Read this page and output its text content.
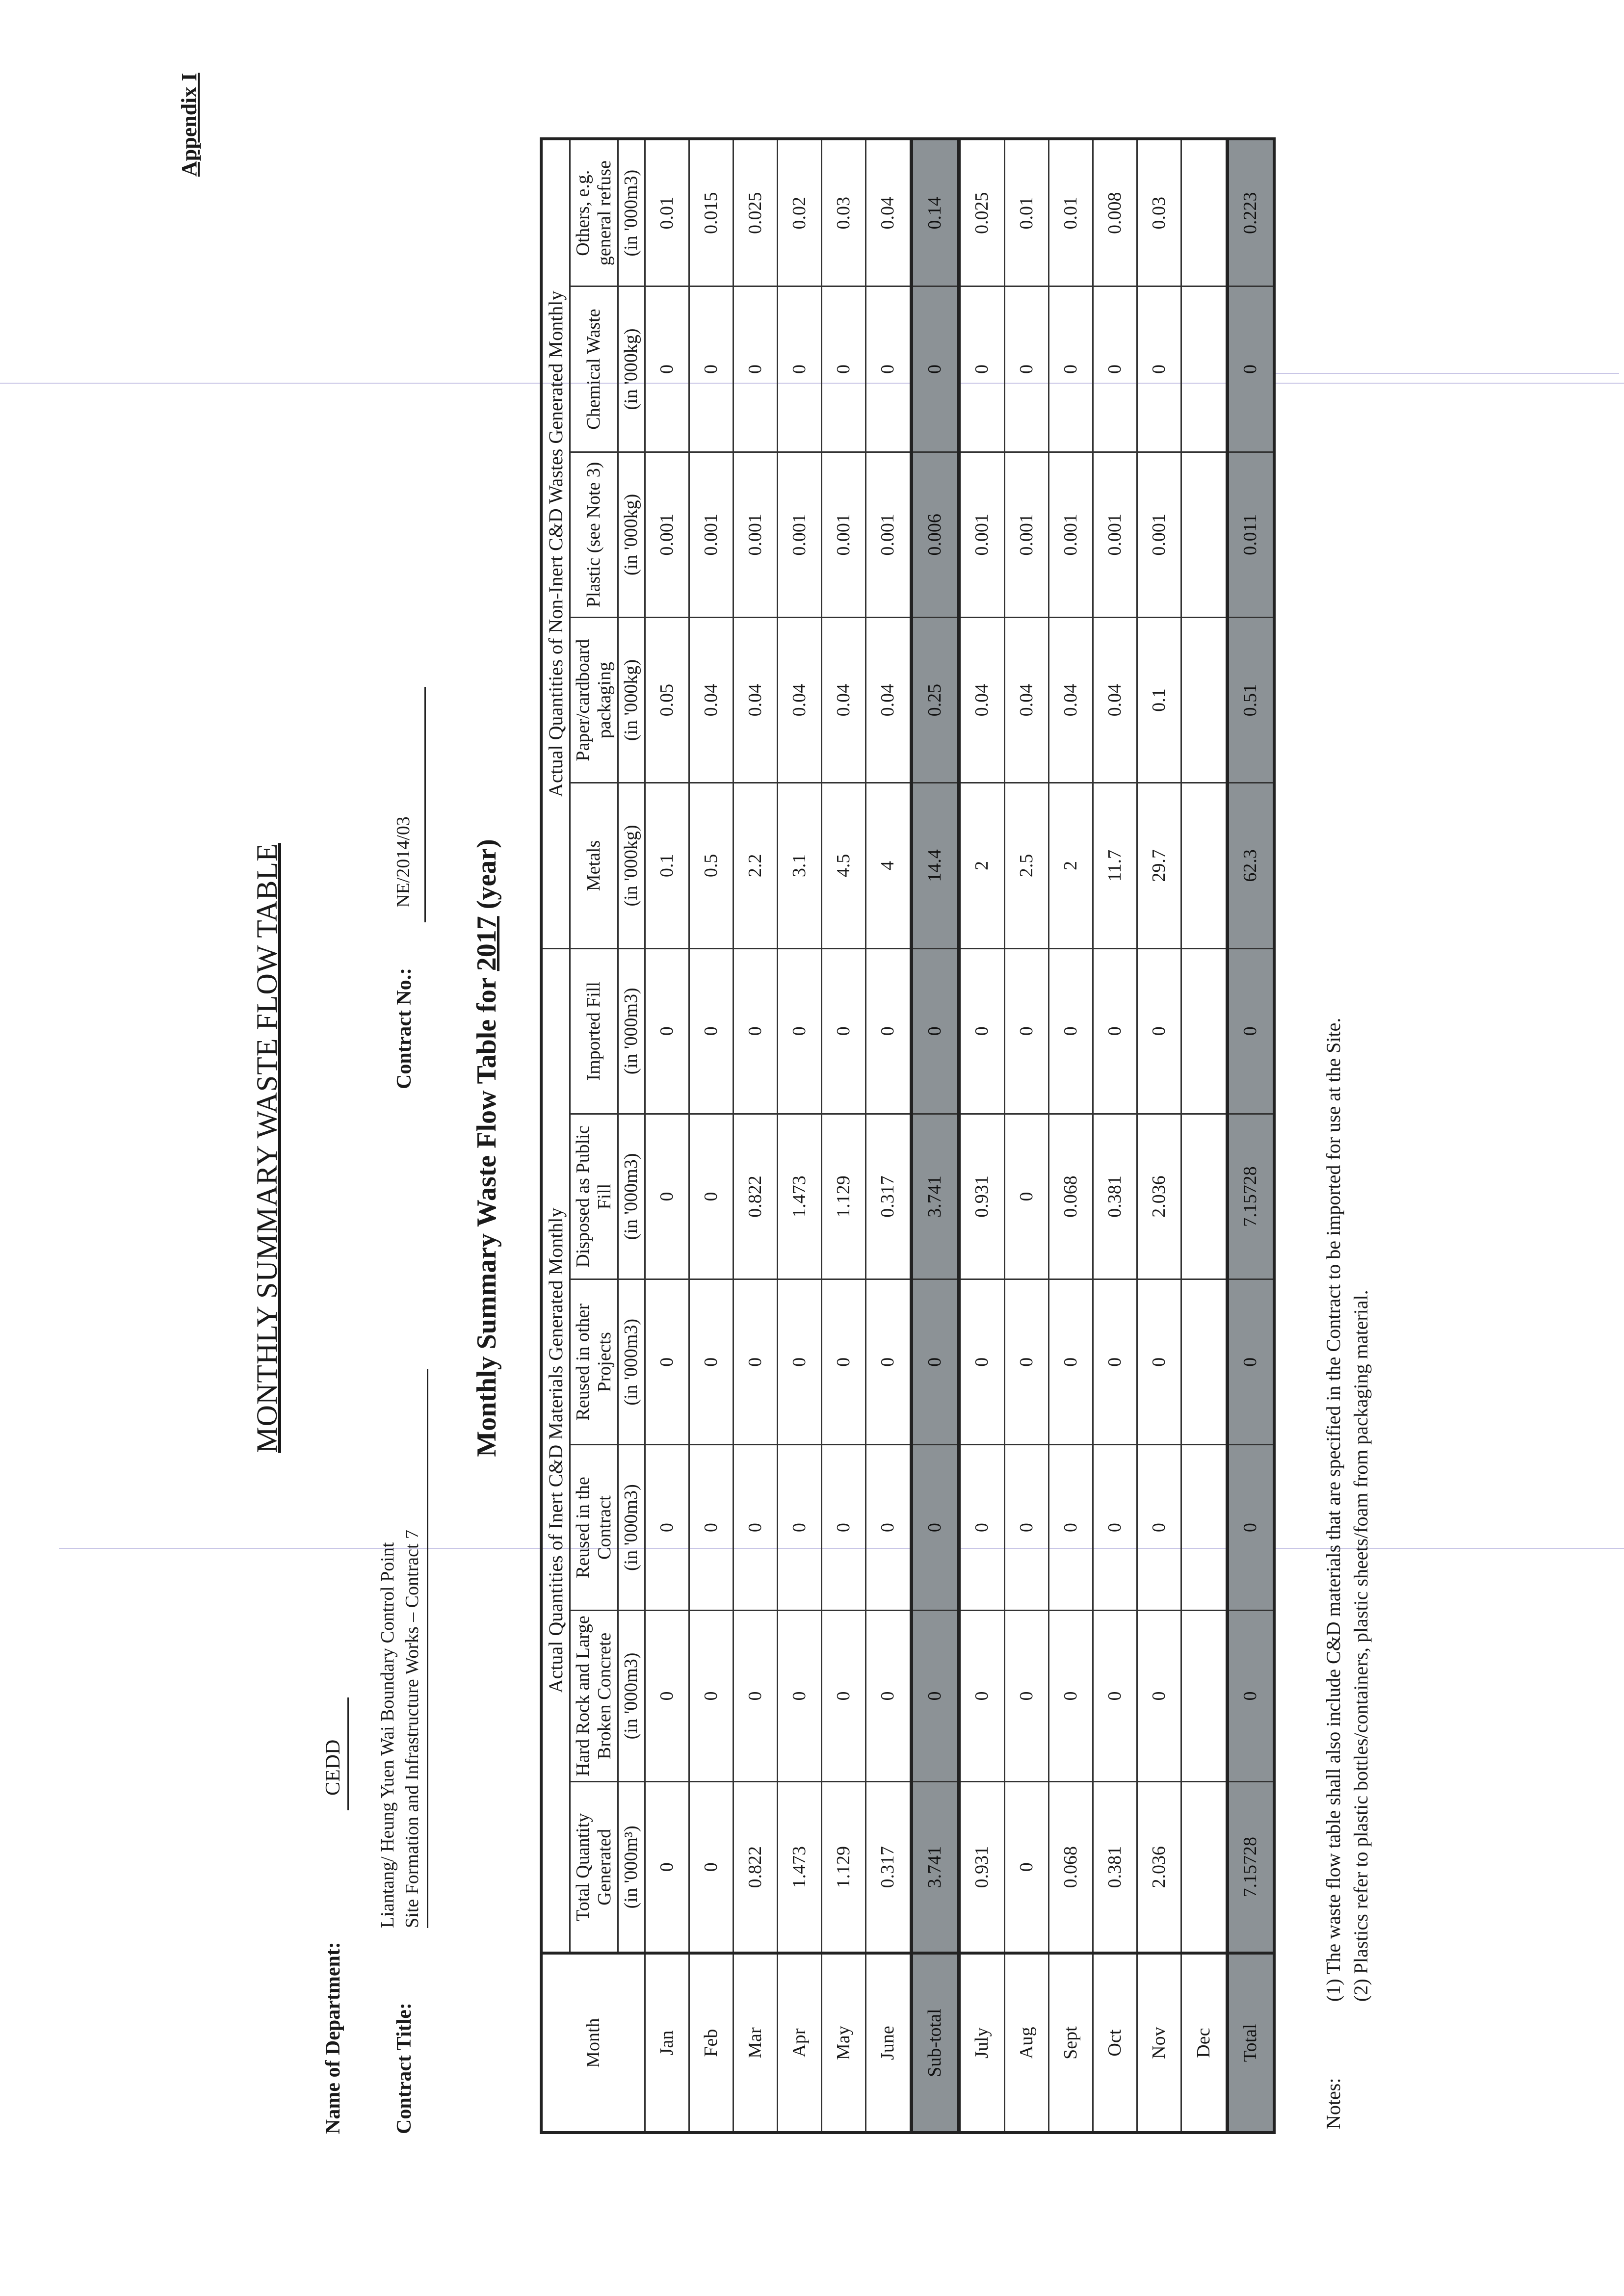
Appendix I
MONTHLY SUMMARY WASTE FLOW TABLE
Name of Department:
CEDD
Contract Title:
Liantang/ Heung Yuen Wai Boundary Control Point Site Formation and Infrastructure Works – Contract 7
Contract No.:
NE/2014/03
Monthly Summary Waste Flow Table for 2017 (year)
Month	Actual Quantities of Inert C&D Materials Generated Monthly						Actual Quantities of Non-Inert C&D Wastes Generated Monthly				
	Total Quantity Generated	Hard Rock and Large Broken Concrete	Reused in the Contract	Reused in other Projects	Disposed as Public Fill	Imported Fill	Metals	Paper/cardboard packaging	Plastic (see Note 3)	Chemical Waste	Others, e.g. general refuse
	(in '000m³)	(in '000m3)	(in '000m3)	(in '000m3)	(in '000m3)	(in '000m3)	(in '000kg)	(in '000kg)	(in '000kg)	(in '000kg)	(in '000m3)
Jan	0	0	0	0	0	0	0.1	0.05	0.001	0	0.01
Feb	0	0	0	0	0	0	0.5	0.04	0.001	0	0.015
Mar	0.822	0	0	0	0.822	0	2.2	0.04	0.001	0	0.025
Apr	1.473	0	0	0	1.473	0	3.1	0.04	0.001	0	0.02
May	1.129	0	0	0	1.129	0	4.5	0.04	0.001	0	0.03
June	0.317	0	0	0	0.317	0	4	0.04	0.001	0	0.04
Sub-total	3.741	0	0	0	3.741	0	14.4	0.25	0.006	0	0.14
July	0.931	0	0	0	0.931	0	2	0.04	0.001	0	0.025
Aug	0	0	0	0	0	0	2.5	0.04	0.001	0	0.01
Sept	0.068	0	0	0	0.068	0	2	0.04	0.001	0	0.01
Oct	0.381	0	0	0	0.381	0	11.7	0.04	0.001	0	0.008
Nov	2.036	0	0	0	2.036	0	29.7	0.1	0.001	0	0.03
Dec											
Total	7.15728	0	0	0	7.15728	0	62.3	0.51	0.011	0	0.223
Notes:
(1) The waste flow table shall also include C&D materials that are specified in the Contract to be imported for use at the Site. (2) Plastics refer to plastic bottles/containers, plastic sheets/foam from packaging material.
